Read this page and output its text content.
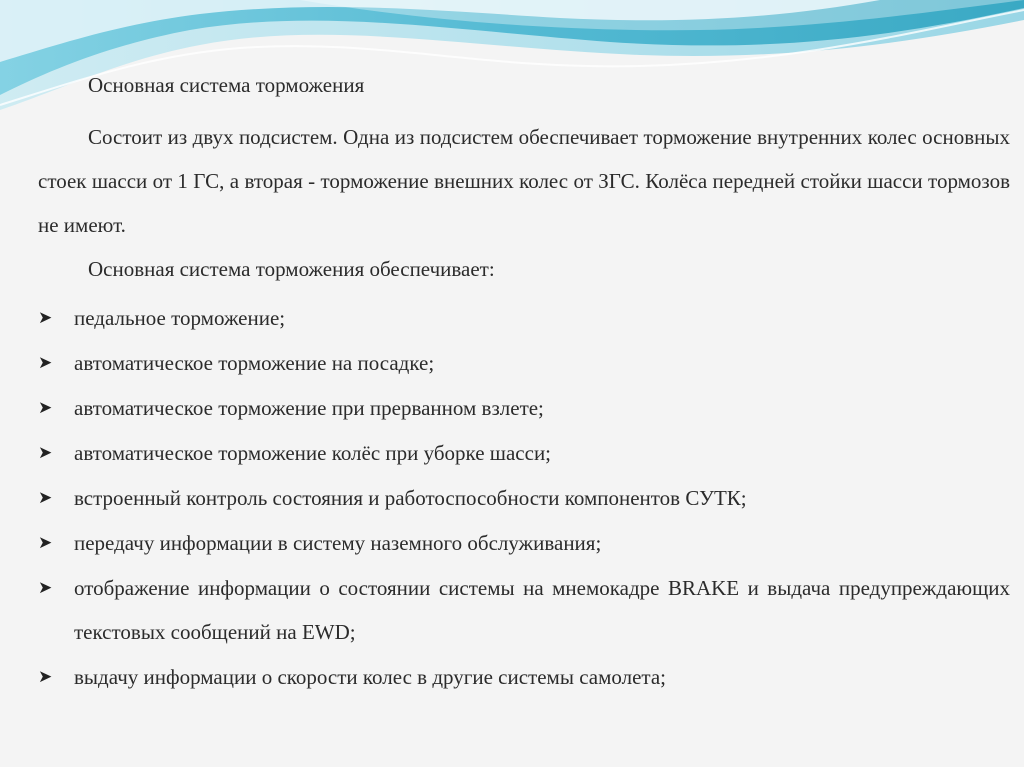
Основная система торможения
Состоит из двух подсистем. Одна из подсистем обеспечивает торможение внутренних колес основных стоек шасси от 1 ГС, а вторая - торможение внешних колес от ЗГС. Колёса передней стойки шасси тормозов не имеют.
Основная система торможения обеспечивает:
➤ педальное торможение;
➤ автоматическое торможение на посадке;
➤ автоматическое торможение при прерванном взлете;
➤ автоматическое торможение колёс при уборке шасси;
➤ встроенный контроль состояния и работоспособности компонентов СУТК;
➤ передачу информации в систему наземного обслуживания;
➤ отображение информации о состоянии системы на мнемокадре BRAKE и выдача предупреждающих текстовых сообщений на EWD;
➤ выдачу информации о скорости колес в другие системы самолета;
